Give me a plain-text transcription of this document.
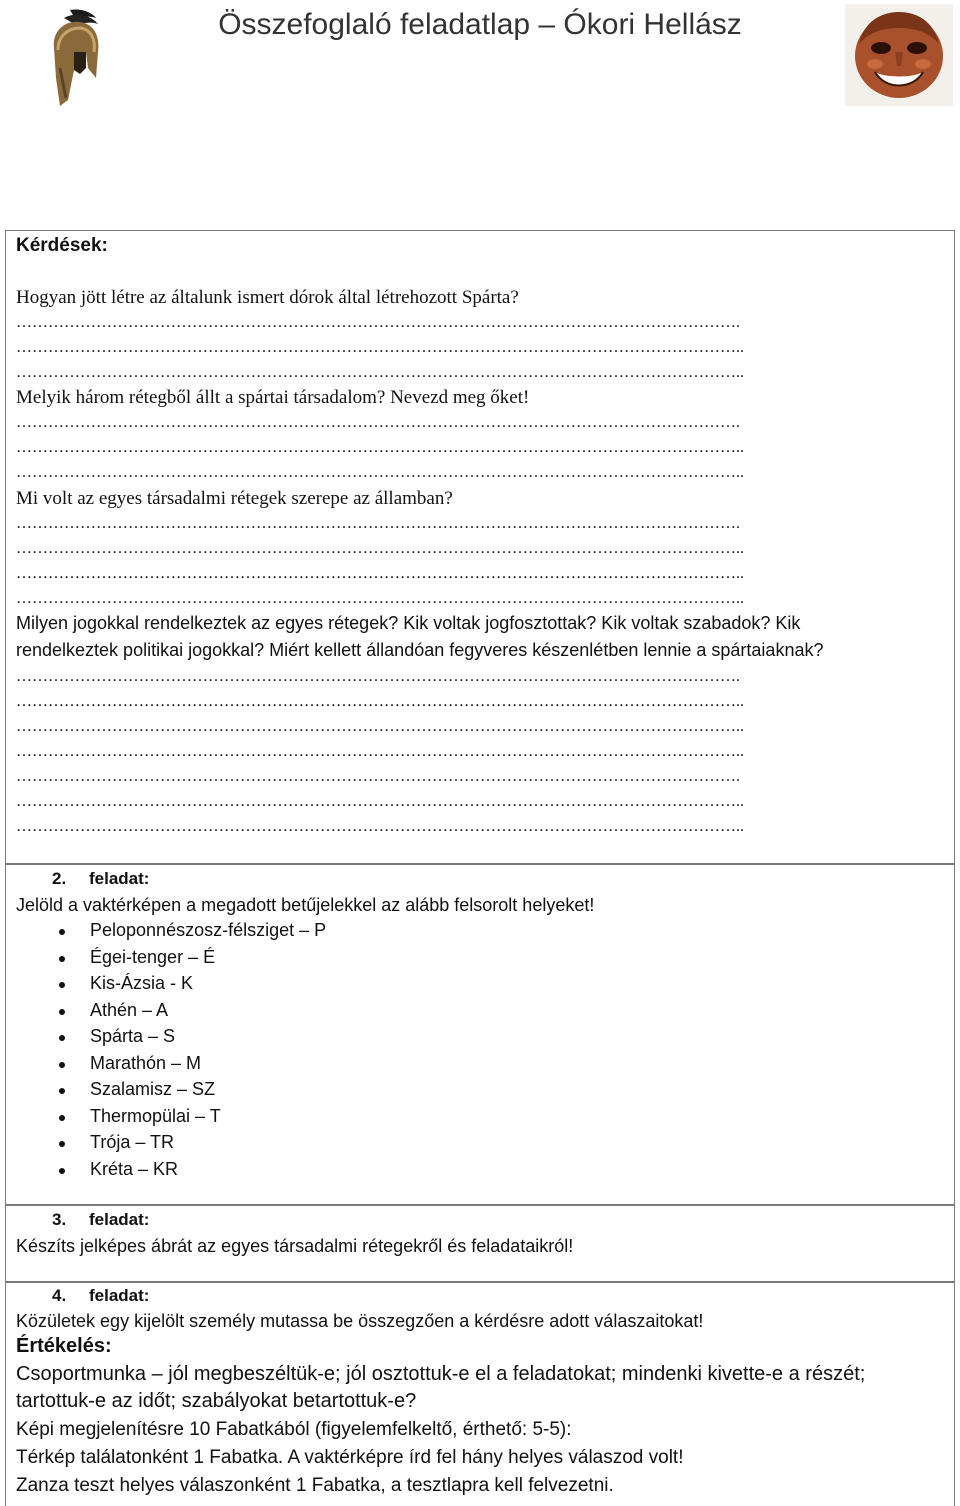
Összefoglaló feladatlap – Ókori Hellász
Kérdések:
Hogyan jött létre az általunk ismert dórok által létrehozott Spárta?
……………………………………………………………………………………………………………………….
………………………………………………………………………………………………………………………..
………………………………………………………………………………………………………………………..
Melyik három rétegből állt a spártai társadalom? Nevezd meg őket!
……………………………………………………………………………………………………………………….
………………………………………………………………………………………………………………………..
………………………………………………………………………………………………………………………..
Mi volt az egyes társadalmi rétegek szerepe az államban?
……………………………………………………………………………………………………………………….
………………………………………………………………………………………………………………………..
………………………………………………………………………………………………………………………..
………………………………………………………………………………………………………………………..
Milyen jogokkal rendelkeztek az egyes rétegek? Kik voltak jogfosztottak? Kik voltak szabadok? Kik
rendelkeztek politikai jogokkal? Miért kellett állandóan fegyveres készenlétben lennie a spártaiaknak?
……………………………………………………………………………………………………………………….
………………………………………………………………………………………………………………………..
………………………………………………………………………………………………………………………..
………………………………………………………………………………………………………………………..
……………………………………………………………………………………………………………………….
………………………………………………………………………………………………………………………..
………………………………………………………………………………………………………………………..
2. feladat:
Jelöld a vaktérképen a megadott betűjelekkel az alább felsorolt helyeket!
Peloponnészosz-félsziget – P
Égei-tenger – É
Kis-Ázsia - K
Athén – A
Spárta – S
Marathón – M
Szalamisz – SZ
Thermopülai – T
Trója – TR
Kréta – KR
3. feladat:
Készíts jelképes ábrát az egyes társadalmi rétegekről és feladataikról!
4. feladat:
Közületek egy kijelölt személy mutassa be összegzően a kérdésre adott válaszaitokat!
Értékelés:
Csoportmunka – jól megbeszéltük-e; jól osztottuk-e el a feladatokat; mindenki kivette-e a részét;
tartottuk-e az időt; szabályokat betartottuk-e?
Képi megjelenítésre 10 Fabatkából (figyelemfelkeltő, érthető: 5-5):
Térkép találatonként 1 Fabatka. A vaktérképre írd fel hány helyes válaszod volt!
Zanza teszt helyes válaszonként 1 Fabatka, a tesztlapra kell felvezetni.
